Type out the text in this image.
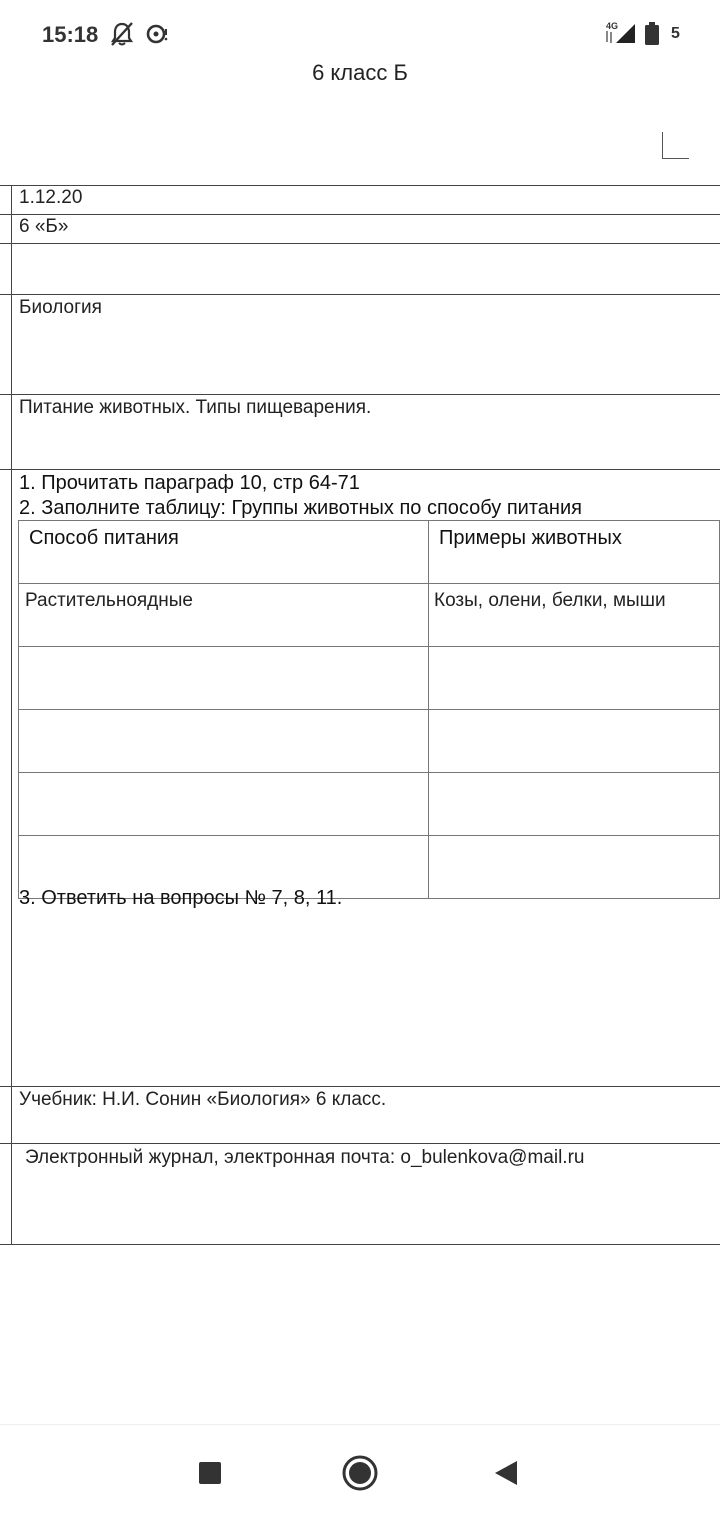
15:18	4G	5
6 класс Б
1.12.20
6 «Б»
Биология
Питание животных. Типы пищеварения.
1. Прочитать параграф 10, стр 64-71
2. Заполните таблицу: Группы животных по способу питания
Способ питания	Примеры животных
Растительноядные	Козы, олени, белки, мыши

3. Ответить на вопросы № 7, 8, 11.
Учебник: Н.И. Сонин «Биология» 6 класс.
Электронный журнал, электронная почта: o_bulenkova@mail.ru
